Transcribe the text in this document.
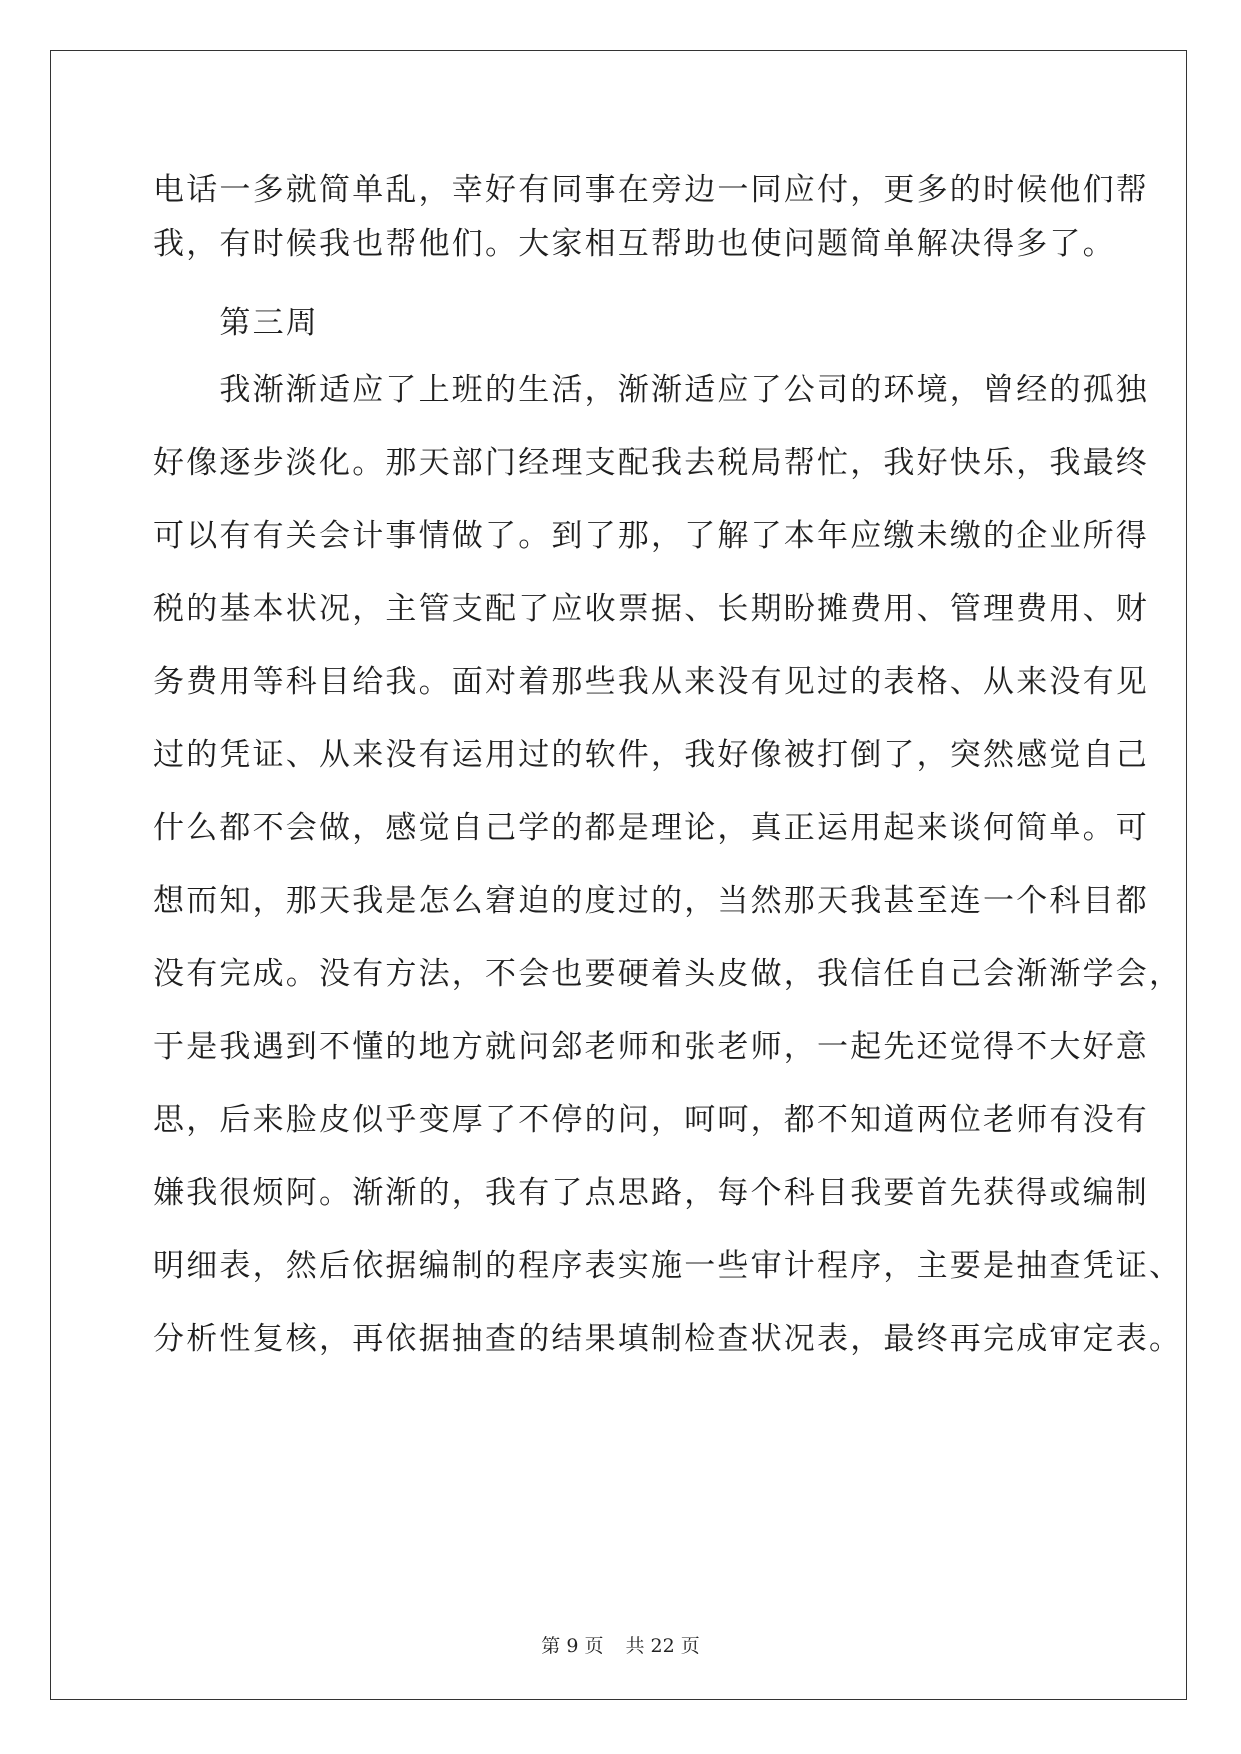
电话一多就简单乱，幸好有同事在旁边一同应付，更多的时候他们帮
我，有时候我也帮他们。大家相互帮助也使问题简单解决得多了。
　　第三周
　　我渐渐适应了上班的生活，渐渐适应了公司的环境，曾经的孤独
好像逐步淡化。那天部门经理支配我去税局帮忙，我好快乐，我最终
可以有有关会计事情做了。到了那，了解了本年应缴未缴的企业所得
税的基本状况，主管支配了应收票据、长期盼摊费用、管理费用、财
务费用等科目给我。面对着那些我从来没有见过的表格、从来没有见
过的凭证、从来没有运用过的软件，我好像被打倒了，突然感觉自己
什么都不会做，感觉自己学的都是理论，真正运用起来谈何简单。可
想而知，那天我是怎么窘迫的度过的，当然那天我甚至连一个科目都
没有完成。没有方法，不会也要硬着头皮做，我信任自己会渐渐学会，
于是我遇到不懂的地方就问郐老师和张老师，一起先还觉得不大好意
思，后来脸皮似乎变厚了不停的问，呵呵，都不知道两位老师有没有
嫌我很烦阿。渐渐的，我有了点思路，每个科目我要首先获得或编制
明细表，然后依据编制的程序表实施一些审计程序，主要是抽查凭证、
分析性复核，再依据抽查的结果填制检查状况表，最终再完成审定表。
第 9 页 共 22 页
